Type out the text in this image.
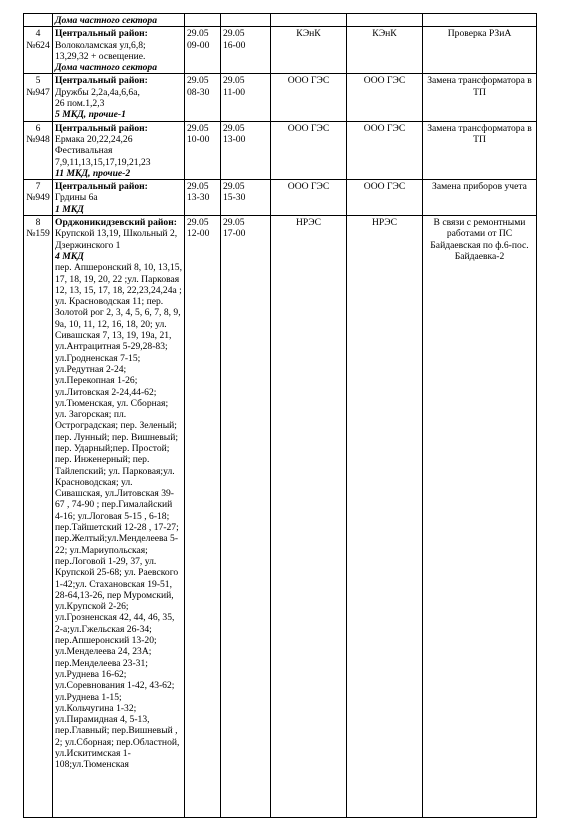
	Дома частного сектора					

4
№624	Центральный район:
Волоколамская ул,6,8;
13,29,32 + освещение.
Дома частного сектора	29.05
09-00	29.05
16-00	КЭнК	КЭнК	Проверка РЗиА

5
№947	Центральный район:
Дружбы 2,2а,4а,6,6а,
26 пом.1,2,3
5 МКД, прочие-1	29.05
08-30	29.05
11-00	ООО ГЭС	ООО ГЭС	Замена трансформатора в ТП

6
№948	Центральный район:
Ермака 20,22,24,26
Фестивальная
7,9,11,13,15,17,19,21,23
11 МКД, прочие-2	29.05
10-00	29.05
13-00	ООО ГЭС	ООО ГЭС	Замена трансформатора в ТП

7
№949	Центральный район:
Грдины 6а
1 МКД	29.05
13-30	29.05
15-30	ООО ГЭС	ООО ГЭС	Замена приборов учета

8
№159	Орджоникидзевский район:
Крупской 13,19, Школьный 2, Дзержинского 1
4 МКД
пер. Апшеронский 8, 10, 13,15, 17, 18, 19, 20, 22 ;ул. Парковая 12, 13, 15, 17, 18, 22,23,24,24а ; ул. Красноводская 11; пер. Золотой рог 2, 3, 4, 5, 6, 7, 8, 9, 9а, 10, 11, 12, 16, 18, 20; ул. Сивашская 7, 13, 19, 19а, 21, ул.Антрацитная 5-29,28-83; ул.Гродненская 7-15; ул.Редутная 2-24; ул.Перекопная 1-26; ул.Литовская 2-24,44-62; ул.Тюменская, ул. Сборная; ул. Загорская; пл. Остроградская; пер. Зеленый; пер. Лунный; пер. Вишневый; пер. Ударный;пер. Простой; пер. Инженерный; пер. Тайлепский; ул. Парковая;ул. Красноводская; ул. Сивашская, ул.Литовская 39-67 , 74-90 ; пер.Гималайский 4-16; ул.Логовая 5-15 , 6-18; пер.Тайшетский 12-28 , 17-27; пер.Желтый;ул.Менделеева 5-22; ул.Мариупольская; пер.Логовой 1-29, 37, ул. Крупской 25-68; ул. Раевского 1-42;ул. Стахановская 19-51, 28-64,13-26, пер Муромский, ул.Крупской 2-26; ул.Грозненская 42, 44, 46, 35, 2-а;ул.Гжельская 26-34; пер.Апшеронский 13-20; ул.Менделеева 24, 23А; пер.Менделеева 23-31; ул.Руднева 16-62; ул.Соревнования 1-42, 43-62; ул.Руднева 1-15; ул.Кольчугина 1-32; ул.Пирамидная 4, 5-13, пер.Главный; пер.Вишневый , 2; ул.Сборная; пер.Областной, ул.Искитимская 1-108;ул.Тюменская	29.05
12-00	29.05
17-00	НРЭС	НРЭС	В связи с ремонтными работами от ПС Байдаевская по ф.6-пос. Байдаевка-2
